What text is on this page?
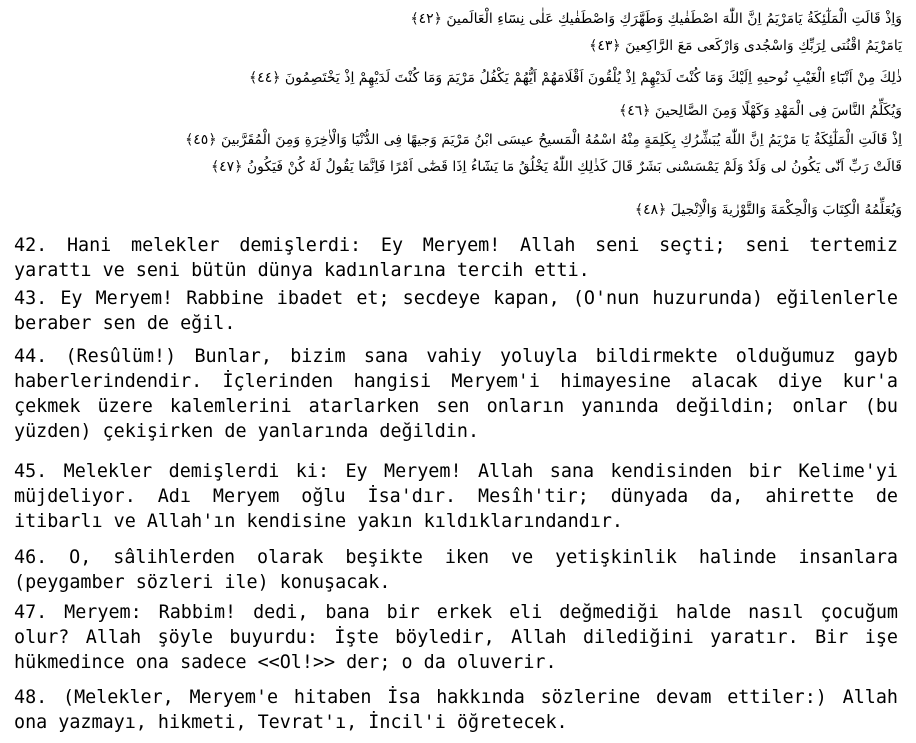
وَاِذْ قَالَتِ الْمَلٰٓئِكَةُ يَامَرْيَمُ اِنَّ اللّٰهَ اصْطَفٰيكِ وَطَهَّرَكِ وَاصْطَفٰيكِ عَلٰى نِسَٓاءِ الْعَالَمينَ ﴿٤٢﴾
يَامَرْيَمُ اقْنُتى لِرَبِّكِ وَاسْجُدى وَارْكَعى مَعَ الرَّاكِعينَ ﴿٤٣﴾
ذٰلِكَ مِنْ اَنْبَٓاءِ الْغَيْبِ نُوحيهِ اِلَيْكَ وَمَا كُنْتَ لَدَيْهِمْ اِذْ يُلْقُونَ اَقْلَامَهُمْ اَيُّهُمْ يَكْفُلُ مَرْيَمَ وَمَا كُنْتَ لَدَيْهِمْ اِذْ يَخْتَصِمُونَ ﴿٤٤﴾
وَيُكَلِّمُ النَّاسَ فِى الْمَهْدِ وَكَهْلًا وَمِنَ الصَّالِحينَ ﴿٤٦﴾
اِذْ قَالَتِ الْمَلٰٓئِكَةُ يَا مَرْيَمُ اِنَّ اللّٰهَ يُبَشِّرُكِ بِكَلِمَةٍ مِنْهُ اسْمُهُ الْمَسيحُ عيسَى ابْنُ مَرْيَمَ وَجيهًا فِى الدُّنْيَا وَالْاٰخِرَةِ وَمِنَ الْمُقَرَّبينَ ﴿٤٥﴾
قَالَتْ رَبِّ اَنّٰى يَكُونُ لى وَلَدٌ وَلَمْ يَمْسَسْنى بَشَرٌ قَالَ كَذٰلِكِ اللّٰهُ يَخْلُقُ مَا يَشَٓاءُ اِذَا قَضٰٓى اَمْرًا فَاِنَّمَا يَقُولُ لَهُ كُنْ فَيَكُونُ ﴿٤٧﴾
وَيُعَلِّمُهُ الْكِتَابَ وَالْحِكْمَةَ وَالتَّوْرٰيةَ وَالْاِنْجيلَ ﴿٤٨﴾

42. Hani melekler demişlerdi: Ey Meryem! Allah seni seçti; seni tertemiz yarattı ve seni bütün dünya kadınlarına tercih etti.

43. Ey Meryem! Rabbine ibadet et; secdeye kapan, (O'nun huzurunda) eğilenlerle beraber sen de eğil.

44. (Resûlüm!) Bunlar, bizim sana vahiy yoluyla bildirmekte olduğumuz gayb haberlerindendir. İçlerinden hangisi Meryem'i himayesine alacak diye kur'a çekmek üzere kalemlerini atarlarken sen onların yanında değildin; onlar (bu yüzden) çekişirken de yanlarında değildin.

45. Melekler demişlerdi ki: Ey Meryem! Allah sana kendisinden bir Kelime'yi müjdeliyor. Adı Meryem oğlu İsa'dır. Mesîh'tir; dünyada da, ahirette de itibarlı ve Allah'ın kendisine yakın kıldıklarındandır.

46. O, sâlihlerden olarak beşikte iken ve yetişkinlik halinde insanlara (peygamber sözleri ile) konuşacak.

47. Meryem: Rabbim! dedi, bana bir erkek eli değmediği halde nasıl çocuğum olur? Allah şöyle buyurdu: İşte böyledir, Allah dilediğini yaratır. Bir işe hükmedince ona sadece <<Ol!>> der; o da oluverir.

48. (Melekler, Meryem'e hitaben İsa hakkında sözlerine devam ettiler:) Allah ona yazmayı, hikmeti, Tevrat'ı, İncil'i öğretecek.
